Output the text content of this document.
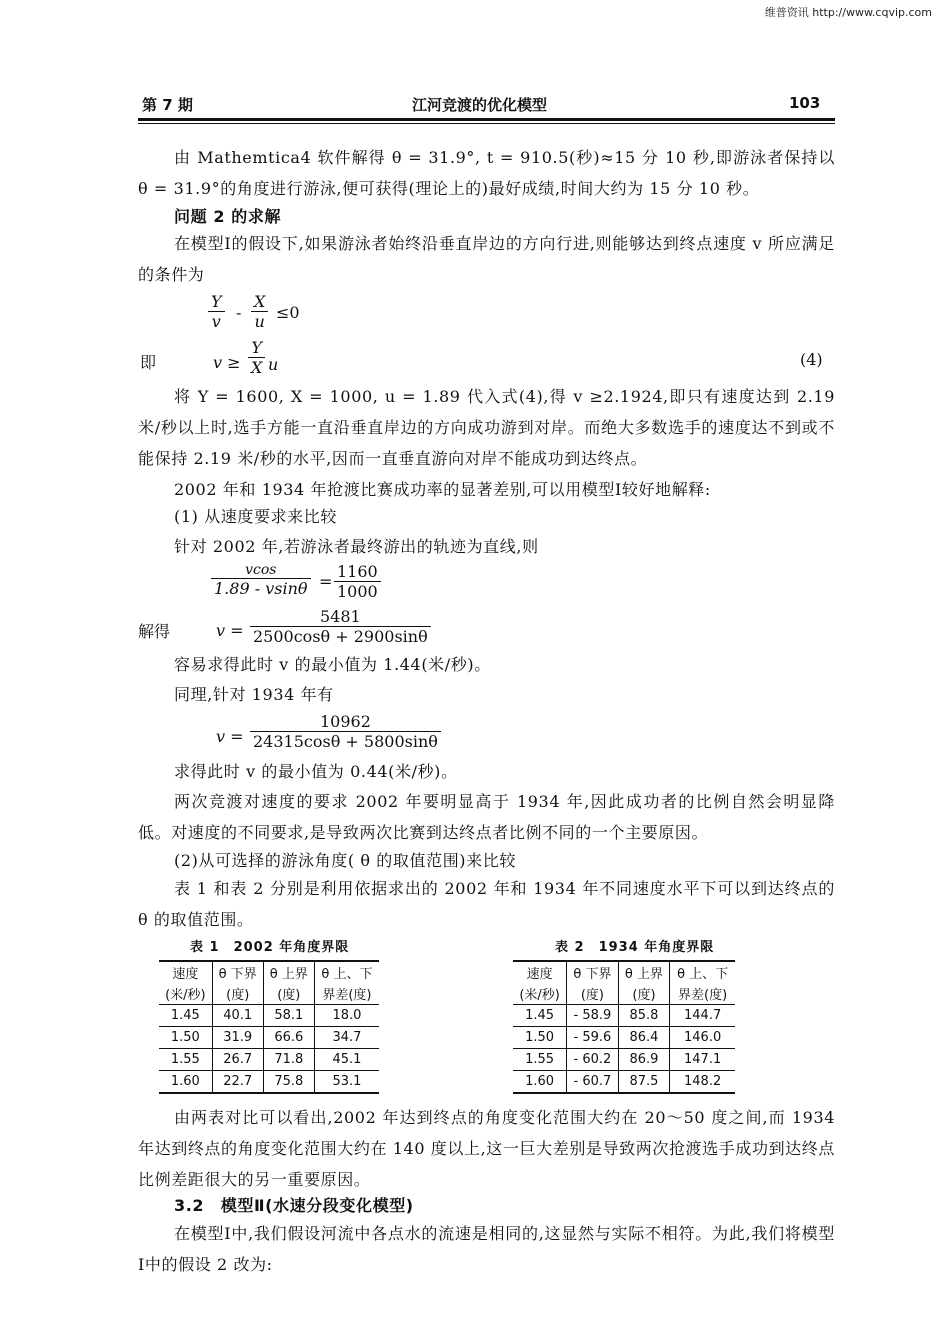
维普资讯 http://www.cqvip.com
第 7 期	江河竞渡的优化模型	103

由 Mathemtica4 软件解得 θ = 31.9°, t = 910.5(秒)≈15 分 10 秒,即游泳者保持以 θ = 31.9°的角度进行游泳,便可获得(理论上的)最好成绩,时间大约为 15 分 10 秒。

问题 2 的求解

在模型Ⅰ的假设下,如果游泳者始终沿垂直岸边的方向行进,则能够达到终点速度 v 所应满足的条件为

$\frac{Y}{v} - \frac{X}{u} \le 0$
即	$v \ge \frac{Y}{X}$ u	(4)

将 Y = 1600, X = 1000, u = 1.89 代入式(4),得 v ≥2.1924,即只有速度达到 2.19 米/秒以上时,选手方能一直沿垂直岸边的方向成功游到对岸。而绝大多数选手的速度达不到或不能保持 2.19 米/秒的水平,因而一直垂直游向对岸不能成功到达终点。

2002 年和 1934 年抢渡比赛成功率的显著差别,可以用模型Ⅰ较好地解释:

(1) 从速度要求来比较
针对 2002 年,若游泳者最终游出的轨迹为直线,则
$\frac{vcos}{1.89 - vsin\theta} = \frac{1160}{1000}$
解得	$v = \frac{5481}{2500\cos\theta + 2900\sin\theta}$
容易求得此时 v 的最小值为 1.44(米/秒)。
同理,针对 1934 年有
$v = \frac{10962}{24315\cos\theta + 5800\sin\theta}$
求得此时 v 的最小值为 0.44(米/秒)。

两次竞渡对速度的要求 2002 年要明显高于 1934 年,因此成功者的比例自然会明显降低。对速度的不同要求,是导致两次比赛到达终点者比例不同的一个主要原因。

(2)从可选择的游泳角度( θ 的取值范围)来比较

表 1 和表 2 分别是利用依据求出的 2002 年和 1934 年不同速度水平下可以到达终点的 θ 的取值范围。

表 1　2002 年角度界限
速度	θ 下界	θ 上界	θ 上、下
(米/秒)	(度)	(度)	界差(度)
1.45	40.1	58.1	18.0
1.50	31.9	66.6	34.7
1.55	26.7	71.8	45.1
1.60	22.7	75.8	53.1
表 2　1934 年角度界限
速度	θ 下界	θ 上界	θ 上、下
(米/秒)	(度)	(度)	界差(度)
1.45	- 58.9	85.8	144.7
1.50	- 59.6	86.4	146.0
1.55	- 60.2	86.9	147.1
1.60	- 60.7	87.5	148.2

由两表对比可以看出,2002 年达到终点的角度变化范围大约在 20～50 度之间,而 1934 年达到终点的角度变化范围大约在 140 度以上,这一巨大差别是导致两次抢渡选手成功到达终点比例差距很大的另一重要原因。

3.2　模型Ⅱ(水速分段变化模型)

在模型Ⅰ中,我们假设河流中各点水的流速是相同的,这显然与实际不相符。为此,我们将模型Ⅰ中的假设 2 改为:
